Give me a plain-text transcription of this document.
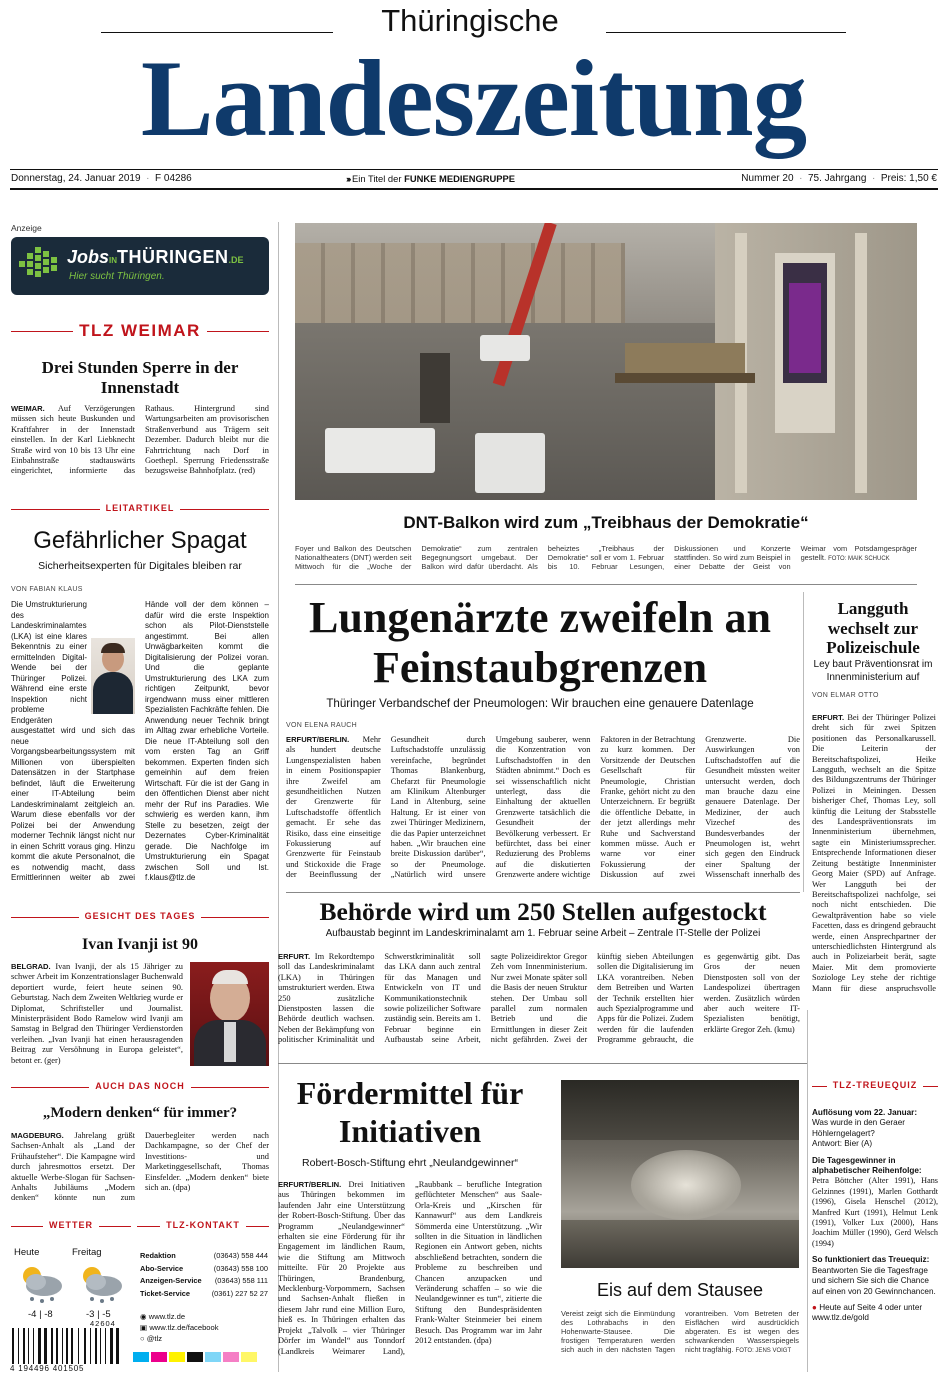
Thüringische
Landeszeitung
Donnerstag, 24. Januar 2019  ·  F 04286	››› Ein Titel der FUNKE MEDIENGRUPPE	Nummer 20  ·  75. Jahrgang  ·  Preis: 1,50 €
Anzeige
JobsINTHÜRINGEN.DE
Hier sucht Thüringen.
TLZ WEIMAR
Drei Stunden Sperre in der Innenstadt
WEIMAR. Auf Verzögerungen müssen sich heute Buskunden und Kraftfahrer in der Innenstadt einstellen. In der Karl Liebknecht Straße wird von 10 bis 13 Uhr eine Einbahnstraße stadtauswärts eingerichtet, informierte das Rathaus. Hintergrund sind Wartungsarbeiten am provisorischen Straßenverbund aus Trägern seit Dezember. Dadurch bleibt nur die Fahrtrichtung nach Dorf in Goethepl. Sperrung Friedensstraße bezugsweise Bahnhofplatz. (red)
LEITARTIKEL
Gefährlicher Spagat
Sicherheitsexperten für Digitales bleiben rar
VON FABIAN KLAUS
Die Umstrukturierung des Landeskriminalamtes (LKA) ist eine klares Bekenntnis zu einer ermittelnden Digital-Wende bei der Thüringer Polizei. Während eine erste Inspektion nicht probleme Endgeräten ausgestattet wird und sich das neue Vorgangsbearbeitungssystem mit Millionen von überspielten Datensätzen in der Startphase befindet, läuft die Erweiterung einer IT-Abteilung beim Landeskriminalamt zeitgleich an. Warum diese ebenfalls vor der Polizei bei der Anwendung moderner Technik längst nicht nur in einen Schritt voraus ging. Hinzu kommt die akute Personalnot, die es notwendig macht, dass Ermittlerinnen weiter ab zwei Hände voll der dem können – dafür wird die erste Inspektion schon als Pilot-Dienststelle angestimmt. Bei allen Unwägbarkeiten kommt die Digitalisierung der Polizei voran. Und die geplante Umstrukturierung des LKA zum richtigen Zeitpunkt, bevor irgendwann muss einer mittleren Spezialisten Fachkräfte fehlen. Die Anwendung neuer Technik bringt im Alltag zwar erhebliche Vorteile. Die neue IT-Abteilung soll den vom ersten Tag an Griff bekommen. Experten finden sich gemeinhin auf dem freien Wirtschaft. Für die ist der Gang in den öffentlichen Dienst aber nicht mehr der Ruf ins Paradies. Wie schwierig es werden kann, ihm Stelle zu besetzen, zeigt der Dezernates Cyber-Kriminalität gerade. Die Nachfolge im Umstrukturierung ein Spagat zwischen Soll und Ist. f.klaus@tlz.de
GESICHT DES TAGES
Ivan Ivanji ist 90
BELGRAD. Ivan Ivanji, der als 15 Jähriger zu schwer Arbeit im Konzentrationslager Buchenwald deportiert wurde, feiert heute seinen 90. Geburtstag. Nach dem Zweiten Weltkrieg wurde er Diplomat, Schriftsteller und Journalist. Ministerpräsident Bodo Ramelow wird Ivanji am Samstag in Belgrad den Thüringer Verdienstorden verleihen. „Ivan Ivanji hat einen herausragenden Beitrag zur Versöhnung in Europa geleistet“, betont er. (ger)
AUCH DAS NOCH
„Modern denken“ für immer?
MAGDEBURG. Jahrelang grüßt Sachsen-Anhalt als „Land der Frühaufsteher“. Die Kampagne wird durch jahresmottos ersetzt. Der aktuelle Werbe-Slogan für Sachsen-Anhalts Jubiläums „Modern denken“ könnte nun zum Dauerbegleiter werden nach Dachkampagne, so der Chef der Investitions- und Marketinggesellschaft, Thomas Einsfelder. „Modern denken“ biete sich an. (dpa)
WETTER	TLZ-KONTAKT
Heute	Freitag
-4 | -8	-3 | -5
Redaktion	(03643) 558 444
Abo-Service	(03643) 558 100
Anzeigen-Service (03643) 558 111
Ticket-Service	(0361) 227 52 27
◉ www.tlz.de
▣ www.tlz.de/facebook
○ @tlz
42604
4 194496 401505
DNT-Balkon wird zum „Treibhaus der Demokratie“
Foyer und Balkon des Deutschen Nationaltheaters (DNT) werden seit Mittwoch für die „Woche der Demokratie“ zum zentralen Begegnungsort umgebaut. Der Balkon wird dafür überdacht. Als beheiztes „Treibhaus der Demokratie“ soll er vom 1. Februar bis 10. Februar Lesungen, Diskussionen und Konzerte stattfinden. So wird zum Beispiel in einer Debatte der Geist von Weimar vom Potsdamgespräger gestellt. FOTO: MAIK SCHUCK
Lungenärzte zweifeln an Feinstaubgrenzen
Thüringer Verbandschef der Pneumologen: Wir brauchen eine genauere Datenlage
VON ELENA RAUCH
ERFURT/BERLIN. Mehr als hundert deutsche Lungenspezialisten haben in einem Positionspapier ihre Zweifel am gesundheitlichen Nutzen der Grenzwerte für Luftschadstoffe öffentlich gemacht. Er sehe das Risiko, dass eine einseitige Fokussierung auf Grenzwerte für Feinstaub und Stickoxide die Frage der Beeinflussung der Gesundheit durch Luftschadstoffe unzulässig vereinfache, begründet Thomas Blankenburg, Chefarzt für Pneumologie am Klinikum Altenburger Land in Altenburg, seine Haltung. Er ist einer von zwei Thüringer Medizinern, die das Papier unterzeichnet haben. „Wir brauchen eine breite Diskussion darüber“, so der Pneumologe. „Natürlich wird unsere Umgebung sauberer, wenn die Konzentration von Luftschadstoffen in den Städten abnimmt.“ Doch es sei wissenschaftlich nicht unterlegt, dass die Einhaltung der aktuellen Grenzwerte tatsächlich die Gesundheit der Bevölkerung verbessert. Er befürchtet, dass bei einer Reduzierung des Problems auf die diskutierten Grenzwerte andere wichtige Faktoren in der Betrachtung zu kurz kommen. Der Vorsitzende der Deutschen Gesellschaft für Pneumologie, Christian Franke, gehört nicht zu den Unterzeichnern. Er begrüßt die öffentliche Debatte, in der jetzt allerdings mehr Ruhe und Sachverstand kommen müsse. Auch er warne vor einer Fokussierung der Diskussion auf zwei Grenzwerte. Die Auswirkungen von Luftschadstoffen auf die Gesundheit müssten weiter untersucht werden, doch man brauche dazu eine genauere Datenlage. Der Mediziner, der auch Vizechef des Bundesverbandes der Pneumologen ist, wehrt sich gegen den Eindruck einer Spaltung der Wissenschaft innerhalb des

Langguth wechselt zur Polizeischule
Ley baut Präventionsrat im Innenministerium auf
VON ELMAR OTTO
ERFURT. Bei der Thüringer Polizei dreht sich für zwei Spitzen positionen das Personalkarussell. Die Leiterin der Bereitschaftspolizei, Heike Langguth, wechselt an die Spitze des Bildungszentrums der Thüringer Polizei in Meiningen. Dessen bisheriger Chef, Thomas Ley, soll künftig die Leitung der Stabsstelle des Landespräventionsrats im Innenministerium übernehmen, sagte ein Ministeriumssprecher. Entsprechende Informationen dieser Zeitung bestätigte Innenminister Georg Maier (SPD) auf Anfrage. Wer Langguth bei der Bereitschaftspolizei nachfolge, sei noch nicht entschieden. Die Gewaltprävention habe so viele Facetten, dass es dringend gebraucht werde, einen Ansprechpartner der unterschiedlichsten Hintergrund als auch in Polizeiarbeit berät, sagte Maier. Mit dem promovierte Soziologe Ley stehe der richtige Mann für diese anspruchsvolle
Behörde wird um 250 Stellen aufgestockt
Aufbaustab beginnt im Landeskriminalamt am 1. Februar seine Arbeit – Zentrale IT-Stelle der Polizei
ERFURT. Im Rekordtempo soll das Landeskriminalamt (LKA) in Thüringen umstrukturiert werden. Etwa 250 zusätzliche Dienstposten lassen die Behörde deutlich wachsen. Neben der Bekämpfung von politischer Kriminalität und Schwerstkriminalität soll das LKA dann auch zentral für das Managen und Entwickeln von IT und Kommunikationstechnik sowie polizeilicher Software zuständig sein. Bereits am 1. Februar beginne ein Aufbaustab seine Arbeit, sagte Polizeidirektor Gregor Zeh vom Innenministerium. Nur zwei Monate später soll die Basis der neuen Struktur stehen. Der Umbau soll parallel zum normalen Betrieb und die Ermittlungen in dieser Zeit nicht gefährden. Zwei der künftig sieben Abteilungen sollen die Digitalisierung im LKA vorantreiben. Neben dem Betreiben und Warten der Technik erstellten hier auch Spezialprogramme und Apps für die Polizei. Zudem werden für die laufenden Programme gebraucht, die es gegenwärtig gibt. Das Gros der neuen Dienstposten soll von der Landespolizei übertragen werden. Zusätzlich würden aber auch weitere IT-Spezialisten benötigt, erklärte Gregor Zeh. (kmu)
Fördermittel für Initiativen
Robert-Bosch-Stiftung ehrt „Neulandgewinner“
ERFURT/BERLIN. Drei Initiativen aus Thüringen bekommen im laufenden Jahr eine Unterstützung der Robert-Bosch-Stiftung. Über das Programm „Neulandgewinner“ erhalten sie eine Förderung für ihr Engagement im ländlichen Raum, wie die Stiftung am Mittwoch mitteilte. Für 20 Projekte aus Thüringen, Brandenburg, Mecklenburg-Vorpommern, Sachsen und Sachsen-Anhalt fließen in diesem Jahr rund eine Million Euro, hieß es. In Thüringen erhalten das Projekt „Talvolk – vier Thüringer Dörfer im Wandel“ aus Tonndorf (Landkreis Weimarer Land), „Raubbank – berufliche Integration geflüchteter Menschen“ aus Saale-Orla-Kreis und „Kirschen für Kannawurf“ aus dem Landkreis Sömmerda eine Unterstützung. „Wir sollten in die Situation in ländlichen Regionen ein Antwort geben, nichts abschließend betrachten, sondern die Probleme zu beschreiben und Chancen anzupacken und Veränderung schaffen – so wie die Neulandgewinner es tun“, zitierte die Stiftung den Bundespräsidenten Frank-Walter Steinmeier bei einem Besuch. Das Programm war im Jahr 2012 entstanden. (dpa)
Eis auf dem Stausee
Vereist zeigt sich die Einmündung des Lothrabachs in den Hohenwarte-Stausee. Die frostigen Temperaturen werden sich auch in den nächsten Tagen vorantreiben. Vom Betreten der Eisflächen wird ausdrücklich abgeraten. Es ist wegen des schwankenden Wasserspiegels nicht tragfähig. FOTO: JENS VOIGT
TLZ-TREUEQUIZ
Auflösung vom 22. Januar:
Was wurde in den Geraer Höhlerngelagert?
Antwort: Bier (A)
Die Tagesgewinner in alphabetischer Reihenfolge:
Petra Böttcher (Alter 1991), Hans Gelzinnes (1991), Marlen Gotthardt (1996), Gisela Henschel (2012), Manfred Kurt (1991), Helmut Lenk (1991), Volker Lux (2000), Hans Joachim Müller (1990), Gerd Welsch (1994)
So funktioniert das Treuequiz:
Beantworten Sie die Tagesfrage und sichern Sie sich die Chance auf einen von 20 Gewinnchancen.
● Heute auf Seite 4 oder unter www.tlz.de/gold
